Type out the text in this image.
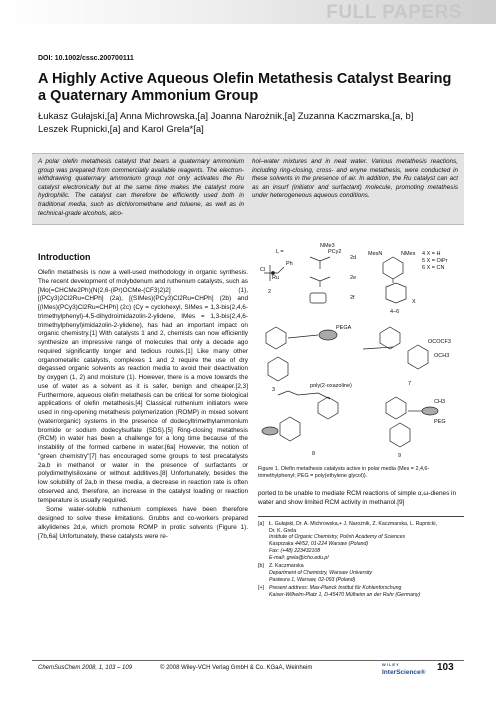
FULL PAPERS
DOI: 10.1002/cssc.200700111
A Highly Active Aqueous Olefin Metathesis Catalyst Bearing a Quaternary Ammonium Group
Łukasz Gułajski,[a] Anna Michrowska,[a] Joanna Narożnik,[a] Zuzanna Kaczmarska,[a, b]
Leszek Rupnicki,[a] and Karol Grela*[a]
A polar olefin metathesis catalyst that bears a quaternary ammonium group was prepared from commercially available reagents. The electron-withdrawing quaternary ammonium group not only activates the Ru catalyst electronically but at the same time makes the catalyst more hydrophilic. The catalyst can therefore be efficiently used both in traditional media, such as dichloromethane and toluene, as well as in technical-grade alcohols, alco-
hol–water mixtures and in neat water. Various metathesis reactions, including ring-closing, cross- and enyne metathesis, were conducted in these solvents in the presence of air. In addition, the Ru catalyst can act as an insurf (initiator and surfactant) molecule, promoting metathesis under heterogeneous aqueous conditions.
Introduction

Olefin metathesis is now a well-used methodology in organic synthesis. The recent development of molybdenum and ruthenium catalysts, such as [Mo(=CHCMe2Ph)(N(2,6-(iPr)OCMe-(CF3)2)2] (1), [(PCy3)2Cl2Ru=CHPh] (2a), [(SIMes)(PCy3)Cl2Ru=CHPh] (2b) and [(IMes)(PCy3)Cl2Ru=CHPh] (2c) (Cy = cyclohexyl, SIMes = 1,3-bis(2,4,6-trimethylphenyl)-4,5-dihydroimidazolin-2-ylidene, IMes = 1,3-bis(2,4,6-trimethylphenyl)imidazolin-2-ylidene), has had an important impact on organic chemistry.[1] With catalysts 1 and 2, chemists can now efficiently synthesize an impressive range of molecules that only a decade ago required significantly longer and tedious routes.[1] Like many other organometallic catalysts, complexes 1 and 2 require the use of dry degassed organic solvents as reaction media to avoid their deactivation by oxygen (1, 2) and moisture (1). However, there is a move towards the use of water as a solvent as it is safer, benign and cheaper.[2,3] Furthermore, aqueous olefin metathesis can be critical for some biological applications of olefin metathesis.[4] Classical ruthenium initiators were used in ring-opening metathesis polymerization (ROMP) in mixed solvent (water/organic) systems in the presence of dodecyltrimethylammonium bromide or sodium dodecylsulfate (SDS).[5] Ring-closing metathesis (RCM) in water has been a challenge for a long time because of the instability of the formed carbene in water.[6a] However, the notion of "green chemistry"[7] has encouraged some groups to test precatalysts 2a,b in methanol or water in the presence of surfactants or polydimethylsiloxane or without additives.[8] Unfortunately, besides the low solubility of 2a,b in these media, a decrease in reaction rate is often observed and, therefore, an increase in the catalyst loading or reaction temperature is usually required.

Some water-soluble ruthenium complexes have been therefore designed to solve these limitations. Grubbs and co-workers prepared alkylidenes 2d,e, which promote ROMP in protic solvents (Figure 1).[7b,6a] Unfortunately, these catalysts were re-

L =
2d
2e
2f
2
4 X = H
5 X = OiPr
6 X = CN
4–6
PEGA
3
7
poly(2-oxazoline)
PEG
8	9
PCy2
Cl
Ru
Ph
MesN	NMes
OCOCF3
OCH3
NMe3
CH3
X
Figure 1. Olefin metathesis catalysts active in polar media (Mes = 2,4,6-trimethylphenyl; PEG = poly(ethylene glycol)).
ported to be unable to mediate RCM reactions of simple α,ω-dienes in water and show limited RCM activity in methanol.[9]
[a]	Ł. Gułajski, Dr. A. Michrowska,+ J. Narożnik, Z. Kaczmarska, L. Rupnicki,
Dr. K. Grela
Institute of Organic Chemistry, Polish Academy of Sciences
Kasprzaka 44/52, 01-224 Warsaw (Poland)
Fax: (+48) 223432108
E-mail: grela@icho.edu.pl
[b]	Z. Kaczmarska
Department of Chemistry, Warsaw University
Pasteura 1, Warsaw, 02-093 (Poland)
[+] Present address: Max-Planck Institut für Kohlenforschung
Kaiser-Wilhelm-Platz 1, D-45470 Mülheim an der Ruhr (Germany)
ChemSusChem 2008, 1, 103 – 109	© 2008 Wiley-VCH Verlag GmbH & Co. KGaA, Weinheim
WILEY
InterScience® 103
